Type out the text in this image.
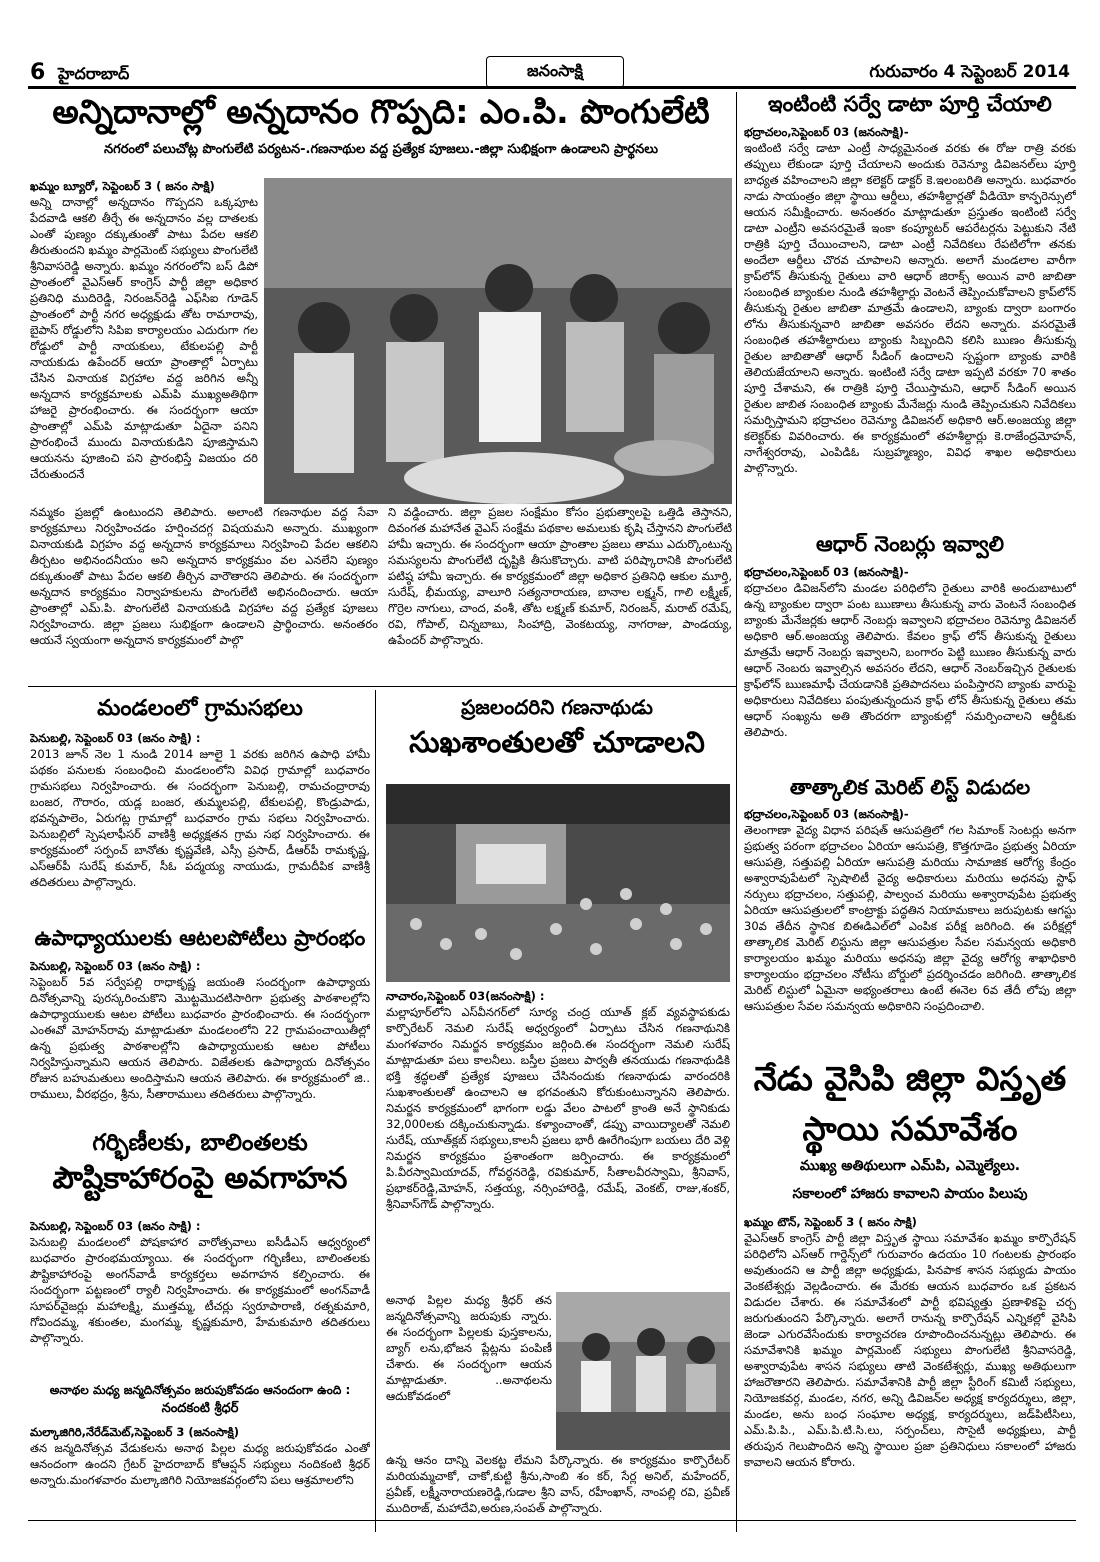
6 హైదరాబాద్	జనంసాక్షి	గురువారం 4 సెప్టెంబర్ 2014
అన్నిదానాల్లో అన్నదానం గొప్పది: ఎం.పి. పొంగులేటి
నగరంలో పలుచోట్ల పొంగులేటి పర్యటన-.గణనాథుల వద్ద ప్రత్యేక పూజలు.-జిల్లా సుభిక్షంగా ఉండాలని ప్రార్థనలు
ఖమ్మం బ్యూరో, సెప్టెంబర్ 3 ( జనం సాక్షి)
అన్ని దానాల్లో అన్నదానం గొప్పదని ఒక్కపూట పేదవాడి ఆకలి తీర్చే ఈ అన్నదానం వల్ల దాతలకు ఎంతో పుణ్యం దక్కుతుంతో పాటు పేదల ఆకలి తీరుతుందని ఖమ్మం పార్లమెంట్ సభ్యులు పొంగులేటి శ్రీనివాసరెడ్డి అన్నారు. ఖమ్మం నగరంలోని బస్ డిపో ప్రాంతంలో వైఎస్ఆర్ కాంగ్రెస్ పార్టీ జిల్లా అధికార ప్రతినిధి ముదిరెడ్డి, నిరంజన్‌రెడ్డి ఎఫ్‌సిఐ గూడెన్ ప్రాంతంలో పార్టీ నగర అధ్యక్షుడు తోట రామారావు, బైపాస్ రోడ్డులోని సిపిఐ కార్యాలయం ఎదురుగా గల రోడ్డులో పార్టీ నాయకులు, టేకులపల్లి పార్టీ నాయకుడు ఉపేందర్ ఆయా ప్రాంతాల్లో ఏర్పాటు చేసిన వినాయక విగ్రహాల వద్ద జరిగిన అన్నీ అన్నదాన కార్యక్రమాలకు ఎమ్‌పి ముఖ్యఅతిథిగా హాజరై ప్రారంభించారు. ఈ సందర్భంగా ఆయా ప్రాంతాల్లో ఎమ్‌పి మాట్లాడుతూ ఏదైనా పనిని ప్రారంభించే ముందు వినాయకుడిని పూజిస్తామని ఆయనను పూజించి పని ప్రారంభిస్తే విజయం దరి చేరుతుందనే
నమ్మకం ప్రజల్లో ఉంటుందని తెలిపారు. అలాంటి గణనాథుల వద్ద సేవా కార్యక్రమాలు నిర్వహించడం హర్షించదగ్గ విషయమని అన్నారు. ముఖ్యంగా వినాయకుడి విగ్రహం వద్ద అన్నదాన కార్యక్రమాలు నిర్వహించి పేదల ఆకలిని తీర్చటం అభినందనీయం అని అన్నదాన కార్యక్రమం వల ఎనలేని పుణ్యం దక్కుతుంతో పాటు పేదల ఆకలి తీర్చిన వారౌతారని తెలిపారు. ఈ సందర్భంగా అన్నదాన కార్యక్రమం నిర్వాహకులను పొంగులేటి అభినందించారు. ఆయా ప్రాంతాల్లో ఎమ్.పి. పొంగులేటి వినాయకుడి విగ్రహాల వద్ద ప్రత్యేక పూజలు నిర్వహించారు. జిల్లా ప్రజలు సుభిక్షంగా ఉండాలని ప్రార్థించారు. అనంతరం ఆయనే స్వయంగా అన్నదాన కార్యక్రమంలో పాల్గొ
ని వడ్డించారు. జిల్లా ప్రజల సంక్షేమం కోసం ప్రభుత్వాలపై ఒత్తిడి తెస్తానని, దివంగత మహానేత వైఎస్ సంక్షేమ పథకాల అమలుకు కృషి చేస్తానని పొంగులేటి హామీ ఇచ్చారు. ఈ సందర్భంగా ఆయా ప్రాంతాల ప్రజలు తాము ఎదుర్కొంటున్న సమస్యలను పొంగులేటి దృష్టికి తీసుకొచ్చారు. వాటి పరిష్కారానికి పొంగులేటి పటిష్ఠ హామీ ఇచ్చారు. ఈ కార్యక్రమంలో జిల్లా అధికార ప్రతినిధి ఆకుల మూర్తి, సురేష్, భీమయ్య, వాలూరి సత్యనారాయణ, బానాల లక్ష్మన్, గాలి లక్ష్మీణ్, గొర్రెల నాగులు, చాంద, వంశీ, తోట లక్ష్మణ్ కుమార్, నిరంజన్, మరాట్ రమేష్, రవి, గోపాల్, చిన్నబాబు, సింహాద్రి, వెంకటయ్య, నాగరాజు, పాండయ్య, ఉపేందర్ పాల్గొన్నారు.
ఇంటింటి సర్వే డాటా పూర్తి చేయాలి
భద్రాచలం,సెప్టెంబర్ 03 (జనంసాక్షి)-
ఇంటింటి సర్వే డాటా ఎంట్రీ సాధ్యమైనంత వరకు ఈ రోజు రాత్రి వరకు తప్పులు లేకుండా పూర్తి చేయాలని అందుకు రెవెన్యూ డివిజనల్‌లు పూర్తి బాధ్యత వహించాలని జిల్లా కలెక్టర్ డాక్టర్ కె.ఇలంబరితి అన్నారు. బుధవారం నాడు సాయంత్రం జిల్లా స్థాయి ఆర్డీలు, తహశీల్దార్లతో వీడియో కాన్ఫరెన్సులో ఆయన సమీక్షించారు. అనంతరం మాట్లాడుతూ ప్రస్తుతం ఇంటింటి సర్వే డాటా ఎంట్రీని అవసరమైతే ఇంకా కంప్యూటర్ ఆపరేటర్లను పెట్టుకుని నేటి రాత్రికి పూర్తి చేయించాలని, డాటా ఎంట్రీ నివేదికలు రేపటిలోగా తనకు అందేలా ఆర్డీలు చొరవ చూపాలని అన్నారు. అలాగే మండలాల వారీగా క్రాప్‌లోన్ తీసుకున్న రైతులు వారి ఆధార్ జిరాక్స్ అయిన వారి జాబితా సంబంధిత బ్యాంకుల నుండి తహశీల్దార్లు వెంటనే తెప్పించుకోవాలని క్రాప్‌లోన్ తీసుకున్న రైతుల జాబితా మాత్రమే ఉండాలని, బ్యాంకు ద్వారా బంగారం లోను తీసుకున్నవారి జాబితా అవసరం లేదని అన్నారు. వసరమైతే సంబంధిత తహశీల్దారులు బ్యాంకు సిబ్బందిని కలిసి ఋణం తీసుకున్న రైతుల జాబితాతో ఆధార్ సీడింగ్ ఉందాలని స్పష్టంగా బ్యాంకు వారికి తెలియజేయాలని అన్నారు. ఇంటింటి సర్వే డాటా ఇప్పటి వరకూ 70 శాతం పూర్తి చేశామని, ఈ రాత్రికి పూర్తి చేయిస్తామని, ఆధార్ సీడింగ్ అయిన రైతుల జాబిత సంబంధిత బ్యాంకు మేనేజర్లు నుండి తెప్పించుకుని నివేదికలు సమర్పిస్తామని భద్రాచలం రెవెన్యూ డివిజనల్ అధికారి ఆర్.అంజయ్య జిల్లా కలెక్టర్‌కు వివరించారు. ఈ కార్యక్రమంలో తహశీల్దార్లు కె.రాజేంద్రమోహన్, నాగేశ్వరరావు, ఎంపిడిఓ సుబ్రహ్మణ్యం, వివిధ శాఖల అధికారులు పాల్గొన్నారు.
ఆధార్ నెంబర్లు ఇవ్వాలి
భద్రాచలం,సెప్టెంబర్ 03 (జనంసాక్షి)-
భద్రాచలం డివిజన్‌లోని మండల పరిధిలోని రైతులు వారికి అందుబాటులో ఉన్న బ్యాంకుల ద్వారా పంట ఋణాలు తీసుకున్న వారు వెంటనే సంబంధిత బ్యాంకు మేనేజర్లకు ఆధార్ నెంబర్లు ఇవ్వాలని భద్రాచలం రెవెన్యూ డివిజనల్ అధికారి ఆర్.అంజయ్య తెలిపారు. కేవలం క్రాఫ్ లోన్ తీసుకున్న రైతులు మాత్రమే ఆధార్ నెంబర్లు ఇవ్వాలని, బంగారం పెట్టి ఋణం తీసుకున్న వారు ఆధార్ నెంబరు ఇవ్వాల్సిన అవసరం లేదని, ఆధార్ నెంబర్ఇచ్చిన రైతులకు క్రాఫ్‌లోన్ ఋణమాఫీ చేయడానికి ప్రతిపాదనలు పంపిస్తారని బ్యాంకు వారుపై అధికారులు నివేదికలు పంపుతున్నందున క్రాఫ్ లోన్ తీసుకున్న రైతులు తమ ఆధార్ సంఖ్యను అతి తొందరగా బ్యాంకుల్లో సమర్పించాలని ఆర్డీఓకు తెలిపారు.
తాత్కాలిక మెరిట్ లిస్ట్ విడుదల
భద్రాచలం,సెప్టెంబర్ 03 (జనంసాక్షి)-
తెలంగాణా వైద్య విధాన పరిషత్ ఆసుపత్రిలో గల సిమాంక్ సెంటర్లు అనగా ప్రభుత్వ పరంగా భద్రాచలం ఏరియా ఆసుపత్రి, కొత్తగూడెం ప్రభుత్వ ఏరియా ఆసుపత్రి, సత్తుపల్లి ఏరియా ఆసుపత్రి మరియు సామాజిక ఆరోగ్య కేంద్రం అశ్వారావుపేటలో స్పెషాలిటీ వైద్య అధికారులు మరియు అధనపు స్టాఫ్ నర్సులు భద్రాచలం, సత్తుపల్లి, పాల్వంచ మరియు అశ్వారావుపేట ప్రభుత్వ ఏరియా ఆసుపత్రులలో కాంట్రాక్టు పద్ధతిన నియామకాలు జరుపుటకు ఆగస్టు 30వ తేదీన స్థానిక బిఈడిఎల్‌లో ఎంపిక పరీక్ష జరిగింది. ఈ పరీక్షల్లో తాత్కాలిక మెరిట్ లిస్టును జిల్లా ఆసుపత్రుల సేవల సమన్వయ అధికారి కార్యాలయం ఖమ్మం మరియు అధనపు జిల్లా వైద్య ఆరోగ్య శాఖాధికారి కార్యాలయం భద్రాచలం నోటీసు బోర్డులో ప్రదర్శించడం జరిగింది. తాత్కాలిక మెరిట్ లిస్టులో ఏమైనా అభ్యంతరాలు ఉంటే ఈనెల 6వ తేదీ లోపు జిల్లా ఆసుపత్రుల సేవల సమన్వయ అధికారిని సంప్రదించాలి.
నేడు వైసిపి జిల్లా విస్తృత
స్థాయి సమావేశం
ముఖ్య అతిథులుగా ఎమ్‌పి, ఎమ్మెల్యేలు.
సకాలంలో హాజరు కావాలని పాయం పిలుపు
ఖమ్మం టౌన్, సెప్టెంబర్ 3 ( జనం సాక్షి)
వైఎస్ఆర్ కాంగ్రెస్ పార్టీ జిల్లా విస్తృత స్థాయి సమావేశం ఖమ్మం కార్పొరేషన్ పరిధిలోని ఎస్‌ఆర్ గార్డెన్స్‌లో గురువారం ఉదయం 10 గంటలకు ప్రారంభం అవుతుందని ఆ పార్టీ జిల్లా అధ్యక్షుడు, పినపాక శాసన సభ్యుడు పాయం వెంకటేశ్వర్లు వెల్లడించారు. ఈ మేరకు ఆయన బుధవారం ఒక ప్రకటన విడుదల చేశారు. ఈ సమావేశంలో పార్టీ భవిష్యత్తు ప్రణాళికపై చర్చ జరుగుతుందని పేర్కొన్నారు. అలాగే రానున్న కార్పొరేషన్ ఎన్నికల్లో వైసిపి జెండా ఎగురవేసేందుకు కార్యాచరణ రూపొందించనున్నట్లు తెలిపారు. ఈ సమావేశానికి ఖమ్మం పార్లమెంట్ సభ్యులు పొంగులేటి శ్రీనివాసరెడ్డి, అశ్వారావుపేట శాసన సభ్యులు తాటి వెంకటేశ్వర్లు, ముఖ్య అతిథులుగా హాజరౌతారని తెలిపారు. సమావేశానికి పార్టీ జిల్లా స్టీరింగ్ కమిటీ సభ్యులు, నియోజకవర్గ, మండల, నగర, అన్ని డివిజన్‌ల అధ్యక్ష కార్యదర్శులు, జిల్లా, మండల, అను బంధ సంఘాల అధ్యక్ష, కార్యదర్శులు, జడ్‌పిటీసిలు, ఎమ్.పి.పి., ఎమ్.పి.టి.సి.లు, సర్పంచ్‌లు, సొసైటీ అధ్యక్షులు, పార్టీ తరుపున గెలుపొందిన అన్ని స్థాయిల ప్రజా ప్రతినిధులు సకాలంలో హాజరు కావాలని ఆయన కోరారు.
మండలంలో గ్రామసభలు
పెనుబల్లి, సెప్టెంబర్ 03 (జనం సాక్షి) :
2013 జూన్ నెల 1 నుండి 2014 జూలై 1 వరకు జరిగిన ఉపాధి హామీ పథకం పనులకు సంబంధించి మండలంలోని వివిధ గ్రామాల్లో బుధవారం గ్రామసభలు నిర్వహించారు. ఈ సందర్భంగా పెనుబల్లి, రామచంద్రారావు బంజర, గౌరారం, యడ్ల బంజర, తుమ్మలపల్లి, టేకులపల్లి, కొండ్రుపాడు, భవన్నపాలెం, ఏరుగట్ల గ్రామాల్లో బుధవారం గ్రామ సభలు నిర్వహించారు. పెనుబల్లిలో స్పెషలాఫీసర్ వాణిశ్రీ అధ్యక్షతన గ్రామ సభ నిర్వహించారు. ఈ కార్యక్రమంలో సర్పంచ్ బానోతు కృష్ణవేణి, ఎస్సీ ప్రసాద్, డీఆర్‌పీ రామకృష్ణ, ఎస్ఆర్‌పీ సురేష్ కుమార్, సీఓ పద్మయ్య నాయుడు, గ్రామదీపిక వాణిశ్రీ తదితరులు పాల్గొన్నారు.
ఉపాధ్యాయులకు ఆటలపోటీలు ప్రారంభం
పెనుబల్లి, సెప్టెంబర్ 03 (జనం సాక్షి) :
సెప్టెంబర్ 5వ సర్వేపల్లి రాధాకృష్ణ జయంతి సందర్భంగా ఉపాధ్యాయ దినోత్సవాన్ని పురస్కరించుకొని మొట్టమొదటిసారిగా ప్రభుత్వ పాఠశాలల్లోని ఉపాధ్యాయులకు ఆటల పోటీలు బుధవారం ప్రారంభించారు. ఈ సందర్భంగా ఎంఈవో మోహన్‌రావు మాట్లాడుతూ మండలంలోని 22 గ్రామపంచాయితీల్లో ఉన్న ప్రభుత్వ పాఠశాలల్లోని ఉపాధ్యాయులకు ఆటల పోటీలు నిర్వహిస్తున్నామని ఆయన తెలిపారు. విజేతలకు ఉపాధ్యాయ దినోత్సవం రోజున బహుమతులు అందిస్తామని ఆయన తెలిపారు. ఈ కార్యక్రమంలో జి.. రాములు, వీరభద్రం, శ్రీను, సీతారాములు తదితరులు పాల్గొన్నారు.
గర్భిణీలకు, బాలింతలకు
పౌష్టికాహారంపై అవగాహన
పెనుబల్లి, సెప్టెంబర్ 03 (జనం సాక్షి) :
పెనుబల్లి మండలంలో పోషకాహార వారోత్సవాలు ఐసీడీఎస్ ఆధ్వర్యంలో బుధవారం ప్రారంభమయ్యాయి. ఈ సందర్భంగా గర్భిణీలు, బాలింతలకు పౌష్టికాహారంపై అంగన్‌వాడీ కార్యకర్తలు అవగాహన కల్పించారు. ఈ సందర్భంగా పట్టణంలో ర్యాలీ నిర్వహించారు. ఈ కార్యక్రమంలో అంగన్‌వాడీ సూపర్‌వైజర్లు మహాలక్ష్మి, ముత్తమ్మ, టీచర్లు స్వరూపారాణి, రత్నకుమారి, గోవిందమ్మ, శకుంతల, మంగమ్మ, కృష్ణకుమారి, హేమకుమారి తదితరులు పాల్గొన్నారు.
అనాథల మధ్య జన్మదినోత్సవం జరుపుకోవడం ఆనందంగా ఉంది :
నందకంటి శ్రీధర్
మల్కాజిగిరి,నేరేడ్‌మెట్,సెప్టెంబర్ 3 (జనంసాక్షి)
తన జన్మదినోత్సవ వేడుకలను అనాథ పిల్లల మధ్య జరుపుకోవడం ఎంతో ఆనందంగా ఉందని గ్రేటర్ హైదరాబాద్ కోఆప్షన్ సభ్యులు నందికంటి శ్రీధర్ అన్నారు.మంగళవారం మల్కాజిగిరి నియోజకవర్గంలోని పలు ఆశ్రమాలలోని
ప్రజలందరిని గణనాథుడు
సుఖశాంతులతో చూడాలని
నాచారం,సెప్టెంబర్ 03(జనంసాక్షి) :
మల్లాపూర్‌లోని ఎస్‌వీనగర్‌లో సూర్య చంద్ర యూత్ క్లబ్ వ్యవస్థాపకుడు కార్పొరేటర్ నెమలి సురేష్ అధ్వర్యంలో ఏర్పాటు చేసిన గణనాథునికి మంగళవారం నిమర్జన కార్యక్రమం జర్గింది.ఈ సందర్భంగా నెమలి సురేష్ మాట్లాడుతూ పలు కాలనీలు. బస్తీల ప్రజలు పార్వతీ తనయుడు గణనాథుడికి భక్తి శ్రద్ధలతో ప్రత్యేక పూజలు చేసినందుకు గణనాథుడు వారందరికి సుఖశాంతులతో ఉంచాలని ఆ భగవంతుని కోరుకుంటున్నానని తెలిపారు. నిమర్జన కార్యక్రమంలో భాగంగా లడ్డు వేలం పాటలో క్రాంతి అనే స్థానికుడు 32,000లకు దక్కించుకున్నాడు. కళ్యాంచాంతో, డప్పు వాయిద్యాలతో నెమలి సురేష్, యూత్‌క్లబ్ సభ్యులు,కాలనీ ప్రజలు భారీ ఊరేగింపుగా బయలు దేరి వెళ్లి నిమర్జన కార్యక్రమం ప్రశాంతంగా జర్పించారు. ఈ కార్యక్రమంలో పి.వీరస్వామియాదవ్, గోవర్ధనరెడ్డి, రవికుమార్, సీతాలవీరస్వామి, శ్రీనివాస్, ప్రభాకర్‌రెడ్డి,మోహన్, సత్తయ్య, నర్సింహారెడ్డి, రమేష్, వెంకట్, రాజు,శంకర్, శ్రీనివాస్‌గౌడ్ పాల్గొన్నారు.
అనాథ పిల్లల మధ్య శ్రీధర్ తన జన్మదినోత్సవాన్ని జరుపుకు న్నారు. ఈ సందర్భంగా పిల్లలకు పుస్తకాలను, బ్యాగ్ లను,భోజన ప్లేట్లను పంపిణీ చేశారు. ఈ సందర్భంగా ఆయన మాట్లాడుతూ. ..అనాథలను ఆదుకోవడంలో
ఉన్న ఆనం దాన్ని వెలకట్ట లేమని పేర్కొన్నారు. ఈ కార్యక్రమం కార్పొరేటర్ మరియమ్మచాకో, చాకో,కుట్టి శ్రీను,సాంబి శం కర్, సేర్ల అనిల్, మహేందర్, ప్రవీణ్, లక్ష్మీనారాయణరెడ్డి,గుడాల శ్రీని వాస్, రహీంఖాన్, నాంపల్లి రవి, ప్రవీణ్ ముదిరాజ్, మహాదేవి,అరుణ,సంపత్ పాల్గొన్నారు.
